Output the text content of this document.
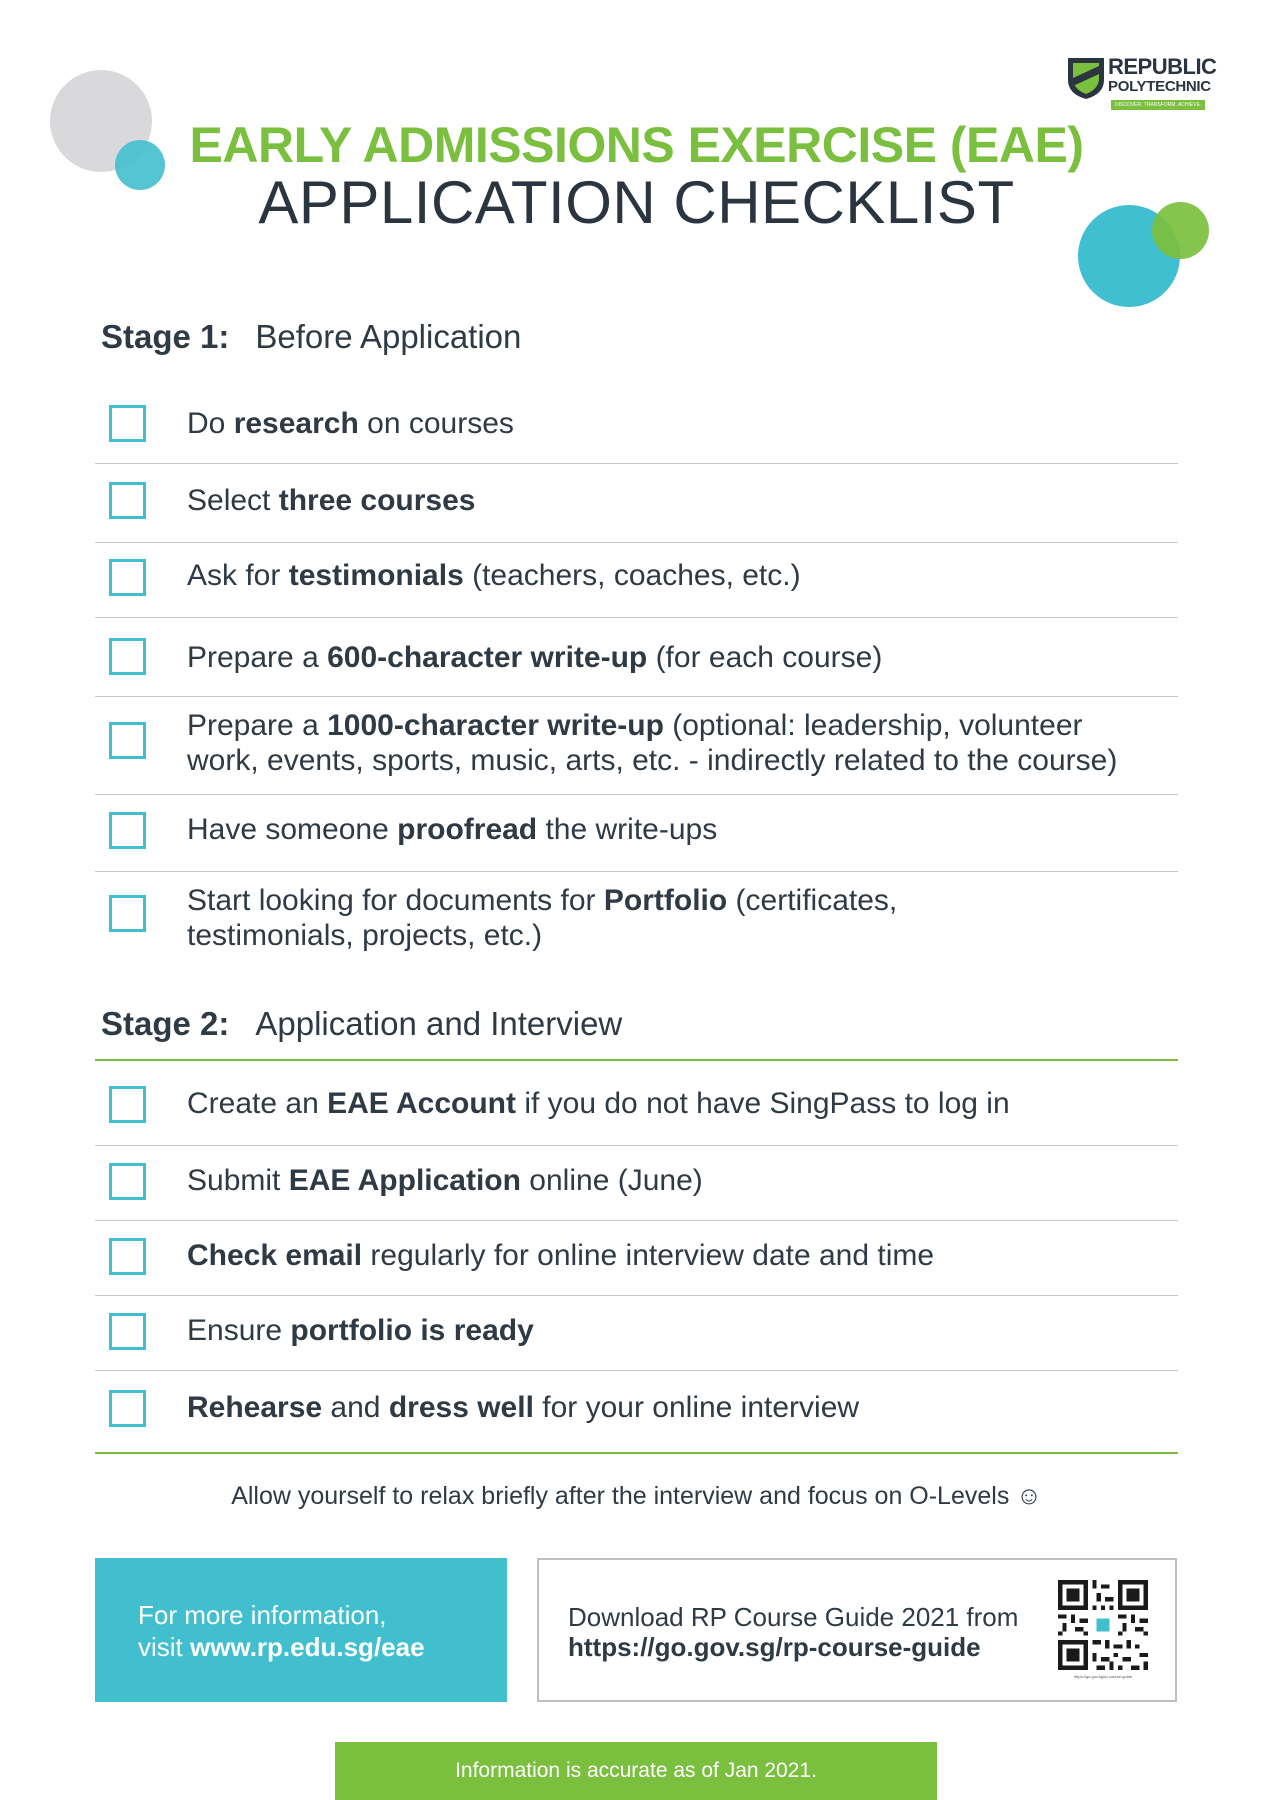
REPUBLIC
POLYTECHNIC
DISCOVER. TRANSFORM. ACHIEVE.
EARLY ADMISSIONS EXERCISE (EAE)
APPLICATION CHECKLIST
Stage 1: Before Application
Do research on courses
Select three courses
Ask for testimonials (teachers, coaches, etc.)
Prepare a 600-character write-up (for each course)
Prepare a 1000-character write-up (optional: leadership, volunteer
work, events, sports, music, arts, etc. - indirectly related to the course)
Have someone proofread the write-ups
Start looking for documents for Portfolio (certificates,
testimonials, projects, etc.)
Stage 2: Application and Interview
Create an EAE Account if you do not have SingPass to log in
Submit EAE Application online (June)
Check email regularly for online interview date and time
Ensure portfolio is ready
Rehearse and dress well for your online interview
Allow yourself to relax briefly after the interview and focus on O-Levels ☺
For more information,
visit www.rp.edu.sg/eae
Download RP Course Guide 2021 from
https://go.gov.sg/rp-course-guide
https://go.gov.sg/rp-course-guide
Information is accurate as of Jan 2021.
